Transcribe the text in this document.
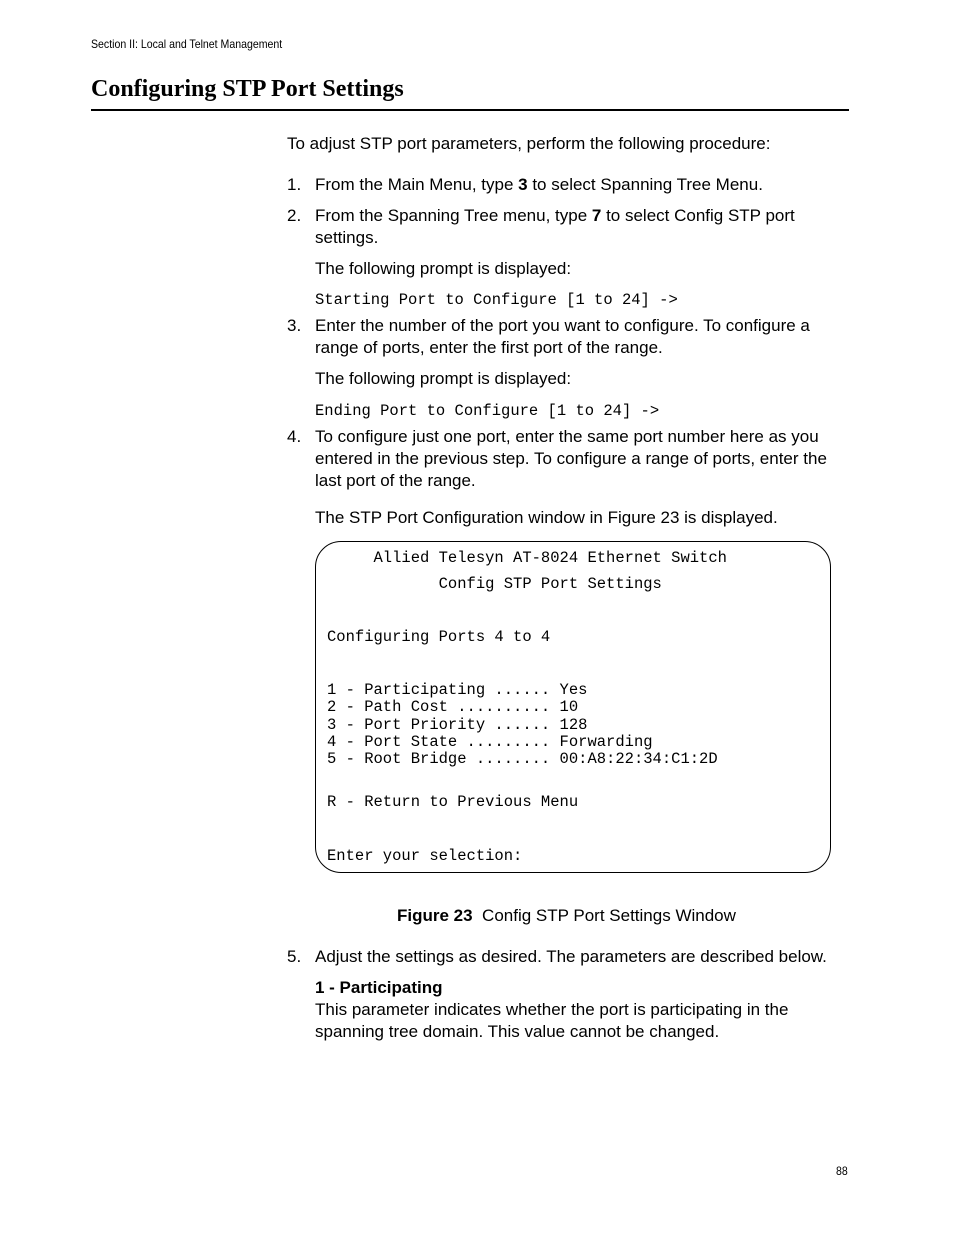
Section II: Local and Telnet Management
Configuring STP Port Settings
To adjust STP port parameters, perform the following procedure:
1. From the Main Menu, type 3 to select Spanning Tree Menu.
2. From the Spanning Tree menu, type 7 to select Config STP port settings.
The following prompt is displayed:
Starting Port to Configure [1 to 24] ->
3. Enter the number of the port you want to configure. To configure a range of ports, enter the first port of the range.
The following prompt is displayed:
Ending Port to Configure [1 to 24] ->
4. To configure just one port, enter the same port number here as you entered in the previous step. To configure a range of ports, enter the last port of the range.
The STP Port Configuration window in Figure 23 is displayed.
Allied Telesyn AT-8024 Ethernet Switch
Config STP Port Settings
Configuring Ports 4 to 4
1 - Participating ...... Yes
2 - Path Cost .......... 10
3 - Port Priority ...... 128
4 - Port State ......... Forwarding
5 - Root Bridge ........ 00:A8:22:34:C1:2D
R - Return to Previous Menu
Enter your selection:
Figure 23 Config STP Port Settings Window
5. Adjust the settings as desired. The parameters are described below.
1 - Participating
This parameter indicates whether the port is participating in the spanning tree domain. This value cannot be changed.
88
